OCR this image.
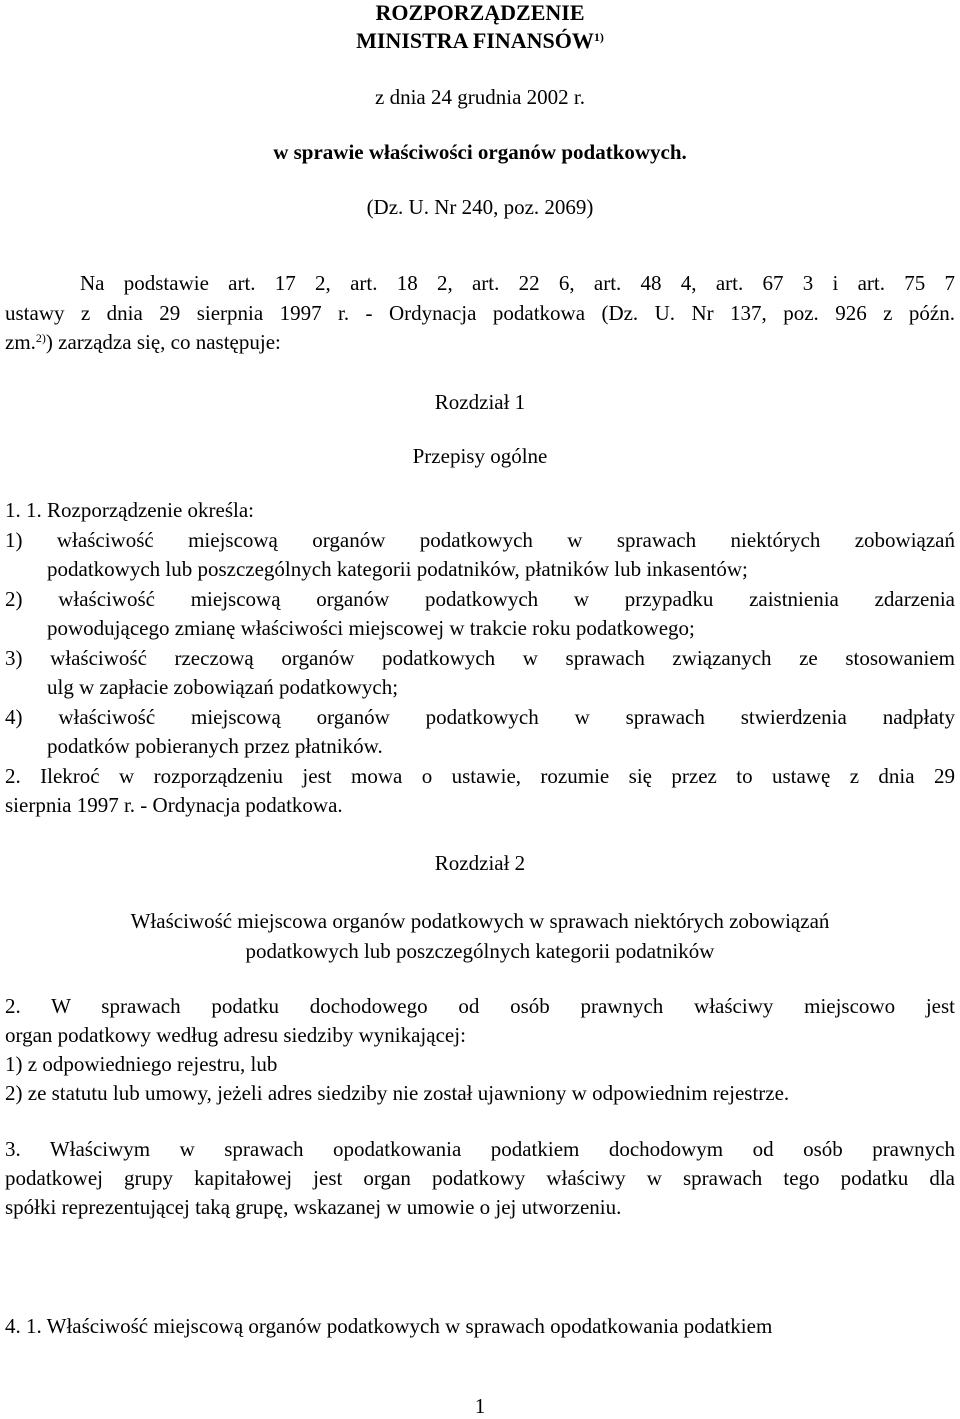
ROZPORZĄDZENIE
MINISTRA FINANSÓW$^{1)}$
z dnia 24 grudnia 2002 r.
w sprawie właściwości organów podatkowych.
(Dz. U. Nr 240, poz. 2069)
Na podstawie art. 17 2, art. 18 2, art. 22 6, art. 48 4, art. 67 3 i art. 75 7
ustawy z dnia 29 sierpnia 1997 r. - Ordynacja podatkowa (Dz. U. Nr 137, poz. 926 z późn.
zm.$^{2)}$) zarządza się, co następuje:
Rozdział 1
Przepisy ogólne
1. 1. Rozporządzenie określa:
1) właściwość miejscową organów podatkowych w sprawach niektórych zobowiązań
podatkowych lub poszczególnych kategorii podatników, płatników lub inkasentów;
2) właściwość miejscową organów podatkowych w przypadku zaistnienia zdarzenia
powodującego zmianę właściwości miejscowej w trakcie roku podatkowego;
3) właściwość rzeczową organów podatkowych w sprawach związanych ze stosowaniem
ulg w zapłacie zobowiązań podatkowych;
4) właściwość miejscową organów podatkowych w sprawach stwierdzenia nadpłaty
podatków pobieranych przez płatników.
2. Ilekroć w rozporządzeniu jest mowa o ustawie, rozumie się przez to ustawę z dnia 29
sierpnia 1997 r. - Ordynacja podatkowa.
Rozdział 2
Właściwość miejscowa organów podatkowych w sprawach niektórych zobowiązań
podatkowych lub poszczególnych kategorii podatników
2. W sprawach podatku dochodowego od osób prawnych właściwy miejscowo jest
organ podatkowy według adresu siedziby wynikającej:
1) z odpowiedniego rejestru, lub
2) ze statutu lub umowy, jeżeli adres siedziby nie został ujawniony w odpowiednim rejestrze.
3. Właściwym w sprawach opodatkowania podatkiem dochodowym od osób prawnych
podatkowej grupy kapitałowej jest organ podatkowy właściwy w sprawach tego podatku dla
spółki reprezentującej taką grupę, wskazanej w umowie o jej utworzeniu.
4. 1. Właściwość miejscową organów podatkowych w sprawach opodatkowania podatkiem
1
